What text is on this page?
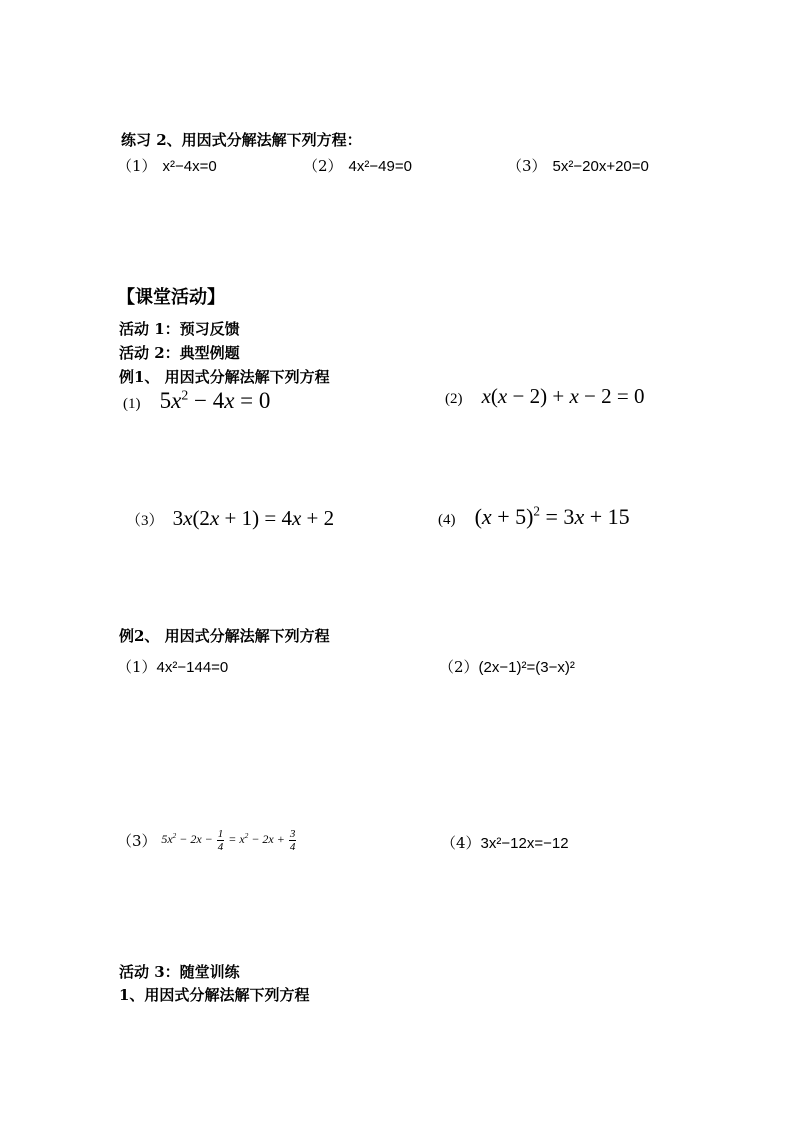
练习 2、用因式分解法解下列方程：
（1） x²−4x=0	（2） 4x²−49=0	（3） 5x²−20x+20=0
【课堂活动】
活动 1：预习反馈
活动 2：典型例题
例1、 用因式分解法解下列方程
(1) $5x^2 - 4x = 0$	(2) x(x − 2) + x − 2 = 0
（3） 3x(2x + 1) = 4x + 2	(4) $(x + 5)^2 = 3x + 15$
例2、 用因式分解法解下列方程
（1）4x²−144=0	（2）(2x−1)²=(3−x)²
（3） $5x^2 - 2x - \frac{1}{4} = x^2 - 2x + \frac{3}{4}$	（4）3x²−12x=−12
活动 3：随堂训练
1、用因式分解法解下列方程
